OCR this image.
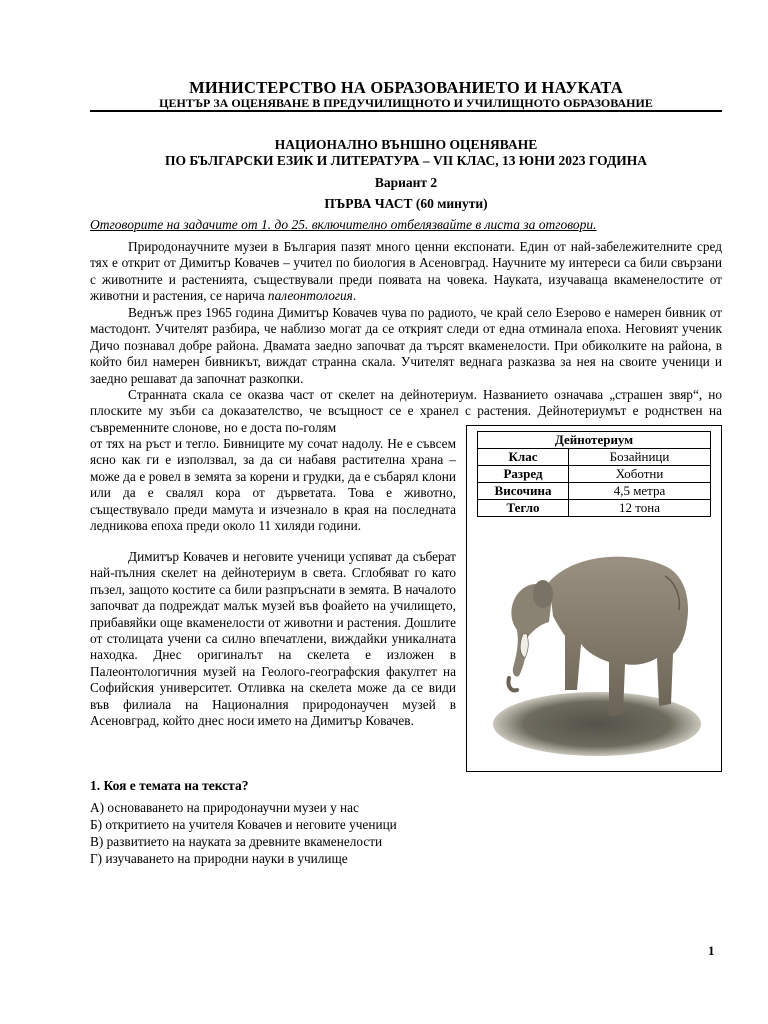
МИНИСТЕРСТВО НА ОБРАЗОВАНИЕТО И НАУКАТА
ЦЕНТЪР ЗА ОЦЕНЯВАНЕ В ПРЕДУЧИЛИЩНОТО И УЧИЛИЩНОТО ОБРАЗОВАНИЕ
НАЦИОНАЛНО ВЪНШНО ОЦЕНЯВАНЕ
ПО БЪЛГАРСКИ ЕЗИК И ЛИТЕРАТУРА – VII КЛАС, 13 ЮНИ 2023 ГОДИНА
Вариант 2
ПЪРВА ЧАСТ (60 минути)
Отговорите на задачите от 1. до 25. включително отбелязвайте в листа за отговори.

Природонаучните музеи в България пазят много ценни експонати. Един от най-забележителните сред тях е открит от Димитър Ковачев – учител по биология в Асеновград. Научните му интереси са били свързани с животните и растенията, съществували преди появата на човека. Науката, изучаваща вкаменелостите от животни и растения, се нарича палеонтология.

Веднъж през 1965 година Димитър Ковачев чува по радиото, че край село Езерово е намерен бивник от мастодонт. Учителят разбира, че наблизо могат да се открият следи от една отминала епоха. Неговият ученик Дичо познавал добре района. Двамата заедно започват да търсят вкаменелости. При обиколките на района, в който бил намерен бивникът, виждат странна скала. Учителят веднага разказва за нея на своите ученици и заедно решават да започнат разкопки.

Странната скала се оказва част от скелет на дейнотериум. Названието означава „страшен звяр“, но плоските му зъби са доказателство, че всъщност се е хранел с растения. Дейнотериумът е роднствен на съвременните слонове, но е доста по-голям

от тях на ръст и тегло. Бивниците му сочат надолу. Не е съвсем ясно как ги е използвал, за да си набавя растителна храна – може да е ровел в земята за корени и грудки, да е събарял клони или да е свалял кора от дърветата. Това е животно, съществувало преди мамута и изчезнало в края на последната ледникова епоха преди около 11 хиляди години.

Димитър Ковачев и неговите ученици успяват да съберат най-пълния скелет на дейнотериум в света. Сглобяват го като пъзел, защото костите са били разпръснати в земята. В началото започват да подреждат малък музей във фоайето на училището, прибавяйки още вкаменелости от животни и растения. Дошлите от столицата учени са силно впечатлени, виждайки уникалната находка. Днес оригиналът на скелета е изложен в Палеонтологичния музей на Геолого-географския факултет на Софийския университет. Отливка на скелета може да се види във филиала на Националния природонаучен музей в Асеновград, който днес носи името на Димитър Ковачев.

Дейнотериум	
Клас	Бозайници
Разред	Хоботни
Височина	4,5 метра
Тегло	12 тона
1. Коя е темата на текста?
А) основаването на природонаучни музеи у нас
Б) откритието на учителя Ковачев и неговите ученици
В) развитието на науката за древните вкаменелости
Г) изучаването на природни науки в училище
1
